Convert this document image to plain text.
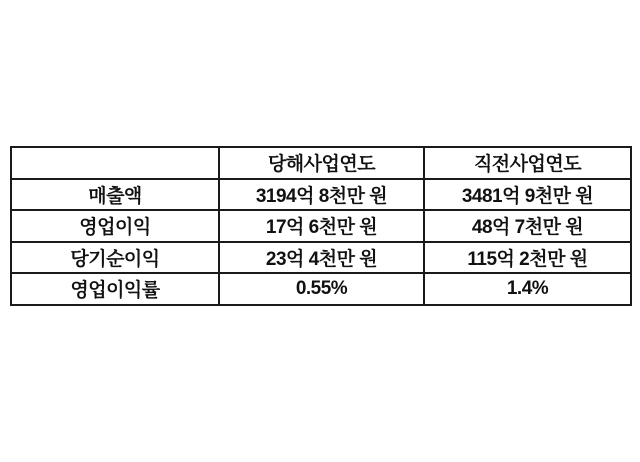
	당해사업연도	직전사업연도
매출액	3194억 8천만 원	3481억 9천만 원
영업이익	17억 6천만 원	48억 7천만 원
당기순이익	23억 4천만 원	115억 2천만 원
영업이익률	0.55%	1.4%
